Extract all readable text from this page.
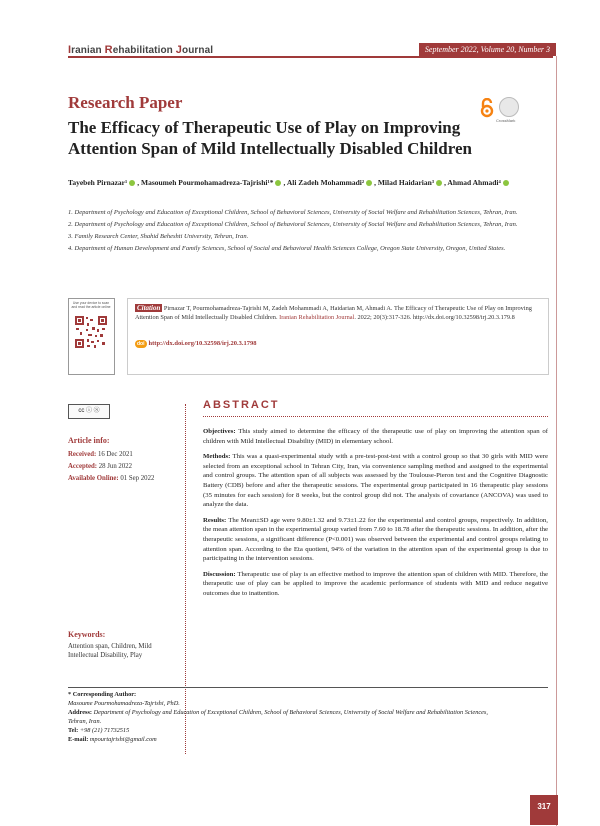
Iranian Rehabilitation Journal	September 2022, Volume 20, Number 3
Research Paper
The Efficacy of Therapeutic Use of Play on Improving Attention Span of Mild Intellectually Disabled Children
CrossMark
Tayebeh Pirnazar¹ , Masoumeh Pourmohamadreza-Tajrishi¹* , Ali Zadeh Mohammadi² , Milad Haidarian³ , Ahmad Ahmadi⁴

1. Department of Psychology and Education of Exceptional Children, School of Behavioral Sciences, University of Social Welfare and Rehabilitation Sciences, Tehran, Iran.

2. Department of Psychology and Education of Exceptional Children, School of Behavioral Sciences, University of Social Welfare and Rehabilitation Sciences, Tehran, Iran.

3. Family Research Center, Shahid Beheshti University, Tehran, Iran.

4. Department of Human Development and Family Sciences, School of Social and Behavioral Health Sciences College, Oregon State University, Oregon, United States.

Use your device to scan and read the article online	Citation Pirnazar T, Pourmohamadreza-Tajrishi M, Zadeh Mohammadi A, Haidarian M, Ahmadi A. The Efficacy of Therapeutic Use of Play on Improving Attention Span of Mild Intellectually Disabled Children. Iranian Rehabilitation Journal. 2022; 20(3):317-326. http://dx.doi.org/10.32598/irj.20.3.179.8
doi http://dx.doi.org/10.32598/irj.20.3.1798
cc ⓘ Ⓢ
Article info:
Received: 16 Dec 2021
Accepted: 28 Jun 2022
Available Online: 01 Sep 2022
Keywords:
Attention span, Children, Mild Intellectual Disability, Play
ABSTRACT

Objectives: This study aimed to determine the efficacy of the therapeutic use of play on improving the attention span of children with Mild Intellectual Disability (MID) in elementary school.

Methods: This was a quasi-experimental study with a pre-test-post-test with a control group so that 30 girls with MID were selected from an exceptional school in Tehran City, Iran, via convenience sampling method and assigned to the experimental and control groups. The attention span of all subjects was assessed by the Toulouse-Pieron test and the Cognitive Diagnostic Battery (CDB) before and after the therapeutic sessions. The experimental group participated in 16 therapeutic play sessions (35 minutes for each session) for 8 weeks, but the control group did not. The analysis of covariance (ANCOVA) was used to analyze the data.

Results: The Mean±SD age were 9.80±1.32 and 9.73±1.22 for the experimental and control groups, respectively. In addition, the mean attention span in the experimental group varied from 7.60 to 18.78 after the therapeutic sessions. In addition, after the therapeutic sessions, a significant difference (P<0.001) was observed between the experimental and control groups relating to attention span. According to the Eta quotient, 94% of the variation in the attention span of the experimental group is due to participating in the intervention sessions.

Discussion: Therapeutic use of play is an effective method to improve the attention span of children with MID. Therefore, the therapeutic use of play can be applied to improve the academic performance of students with MID and reduce negative outcomes due to inattention.

* Corresponding Author:
Masoume Pourmohamadreza-Tajrishi, PhD.
Address: Department of Psychology and Education of Exceptional Children, School of Behavioral Sciences, University of Social Welfare and Rehabilitation Sciences, Tehran, Iran.
Tel: +98 (21) 71732515
E-mail: mpourtajrishi@gmail.com
317
